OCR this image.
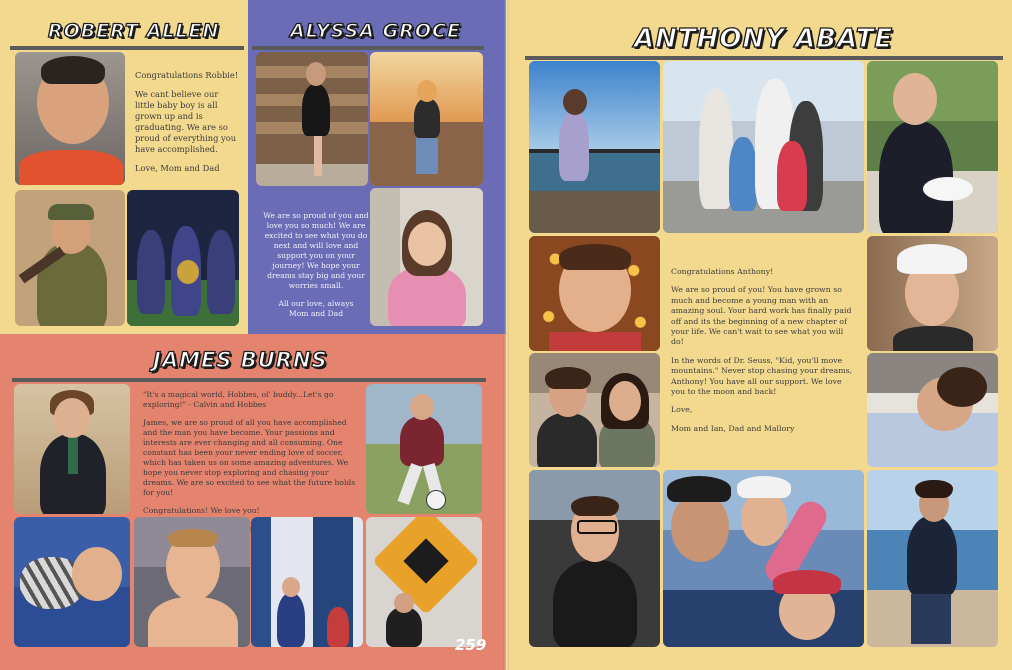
ROBERT ALLEN

Congratulations Robbie!

We cant believe our little baby boy is all grown up and is graduating. We are so proud of everything you have accomplished.

Love, Mom and Dad

ALYSSA GROCE

We are so proud of you and love you so much! We are excited to see what you do next and will love and support you on your journey! We hope your dreams stay big and your worries small.

All our love, always

Mom and Dad

JAMES BURNS

"It's a magical world, Hobbes, ol' buddy...Let's go exploring!" - Calvin and Hobbes

James, we are so proud of all you have accomplished and the man you have become. Your passions and interests are ever changing and all consuming. One constant has been your never ending love of soccer, which has taken us on some amazing adventures. We hope you never stop exploring and chasing your dreams. We are so excited to see what the future holds for you!

Congratulations! We love you!

259
ANTHONY ABATE

Congratulations Anthony!

We are so proud of you! You have grown so much and become a young man with an amazing soul. Your hard work has finally paid off and its the beginning of a new chapter of your life. We can't wait to see what you will do!

In the words of Dr. Seuss, "Kid, you'll move mountains." Never stop chasing your dreams, Anthony! You have all our support. We love you to the moon and back!

Love,

Mom and Ian, Dad and Mallory
